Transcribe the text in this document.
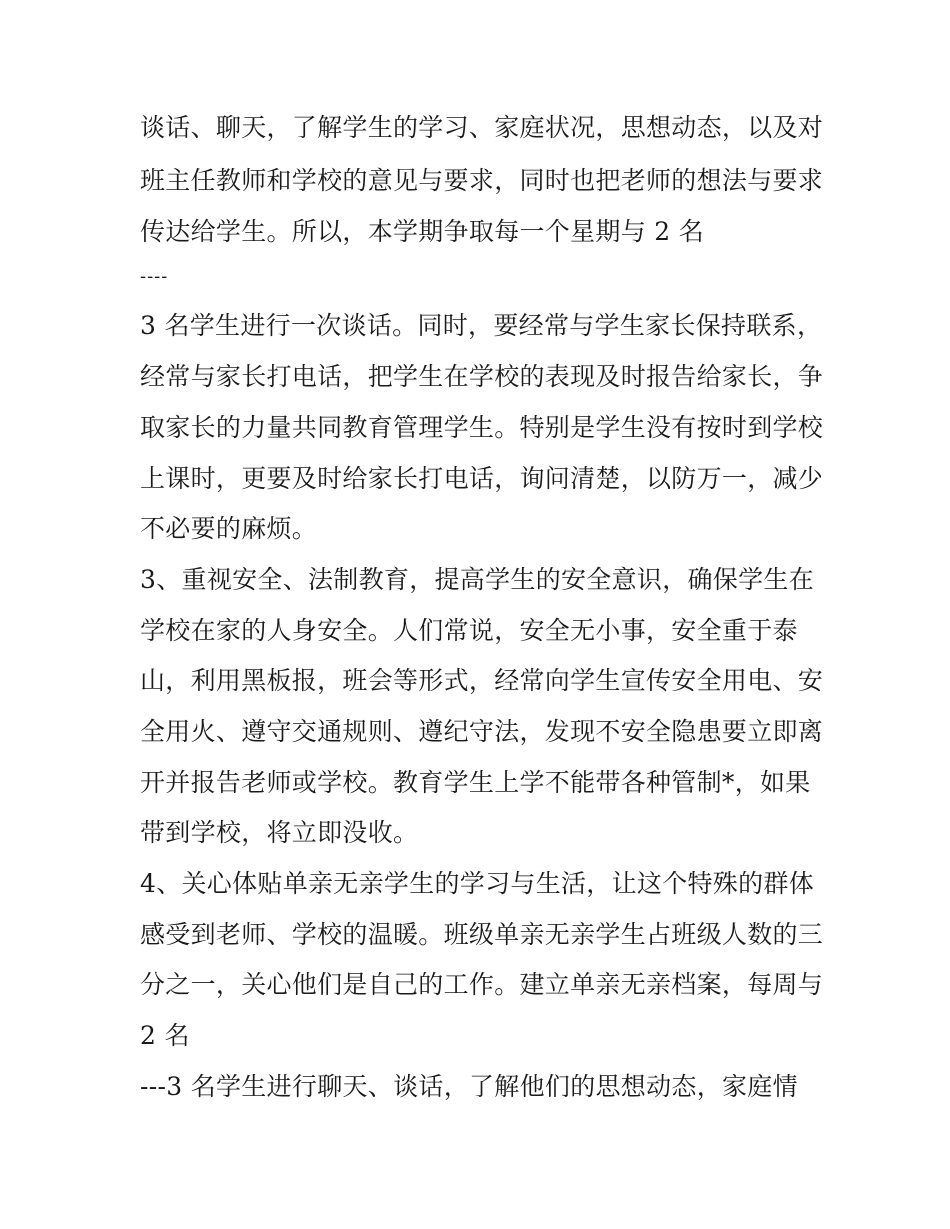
谈话、聊天，了解学生的学习、家庭状况，思想动态，以及对
班主任教师和学校的意见与要求，同时也把老师的想法与要求
传达给学生。所以，本学期争取每一个星期与 2 名
----
3 名学生进行一次谈话。同时，要经常与学生家长保持联系，
经常与家长打电话，把学生在学校的表现及时报告给家长，争
取家长的力量共同教育管理学生。特别是学生没有按时到学校
上课时，更要及时给家长打电话，询问清楚，以防万一，减少
不必要的麻烦。
3、重视安全、法制教育，提高学生的安全意识，确保学生在
学校在家的人身安全。人们常说，安全无小事，安全重于泰
山，利用黑板报，班会等形式，经常向学生宣传安全用电、安
全用火、遵守交通规则、遵纪守法，发现不安全隐患要立即离
开并报告老师或学校。教育学生上学不能带各种管制*，如果
带到学校，将立即没收。
4、关心体贴单亲无亲学生的学习与生活，让这个特殊的群体
感受到老师、学校的温暖。班级单亲无亲学生占班级人数的三
分之一，关心他们是自己的工作。建立单亲无亲档案，每周与
2 名
---3 名学生进行聊天、谈话，了解他们的思想动态，家庭情
